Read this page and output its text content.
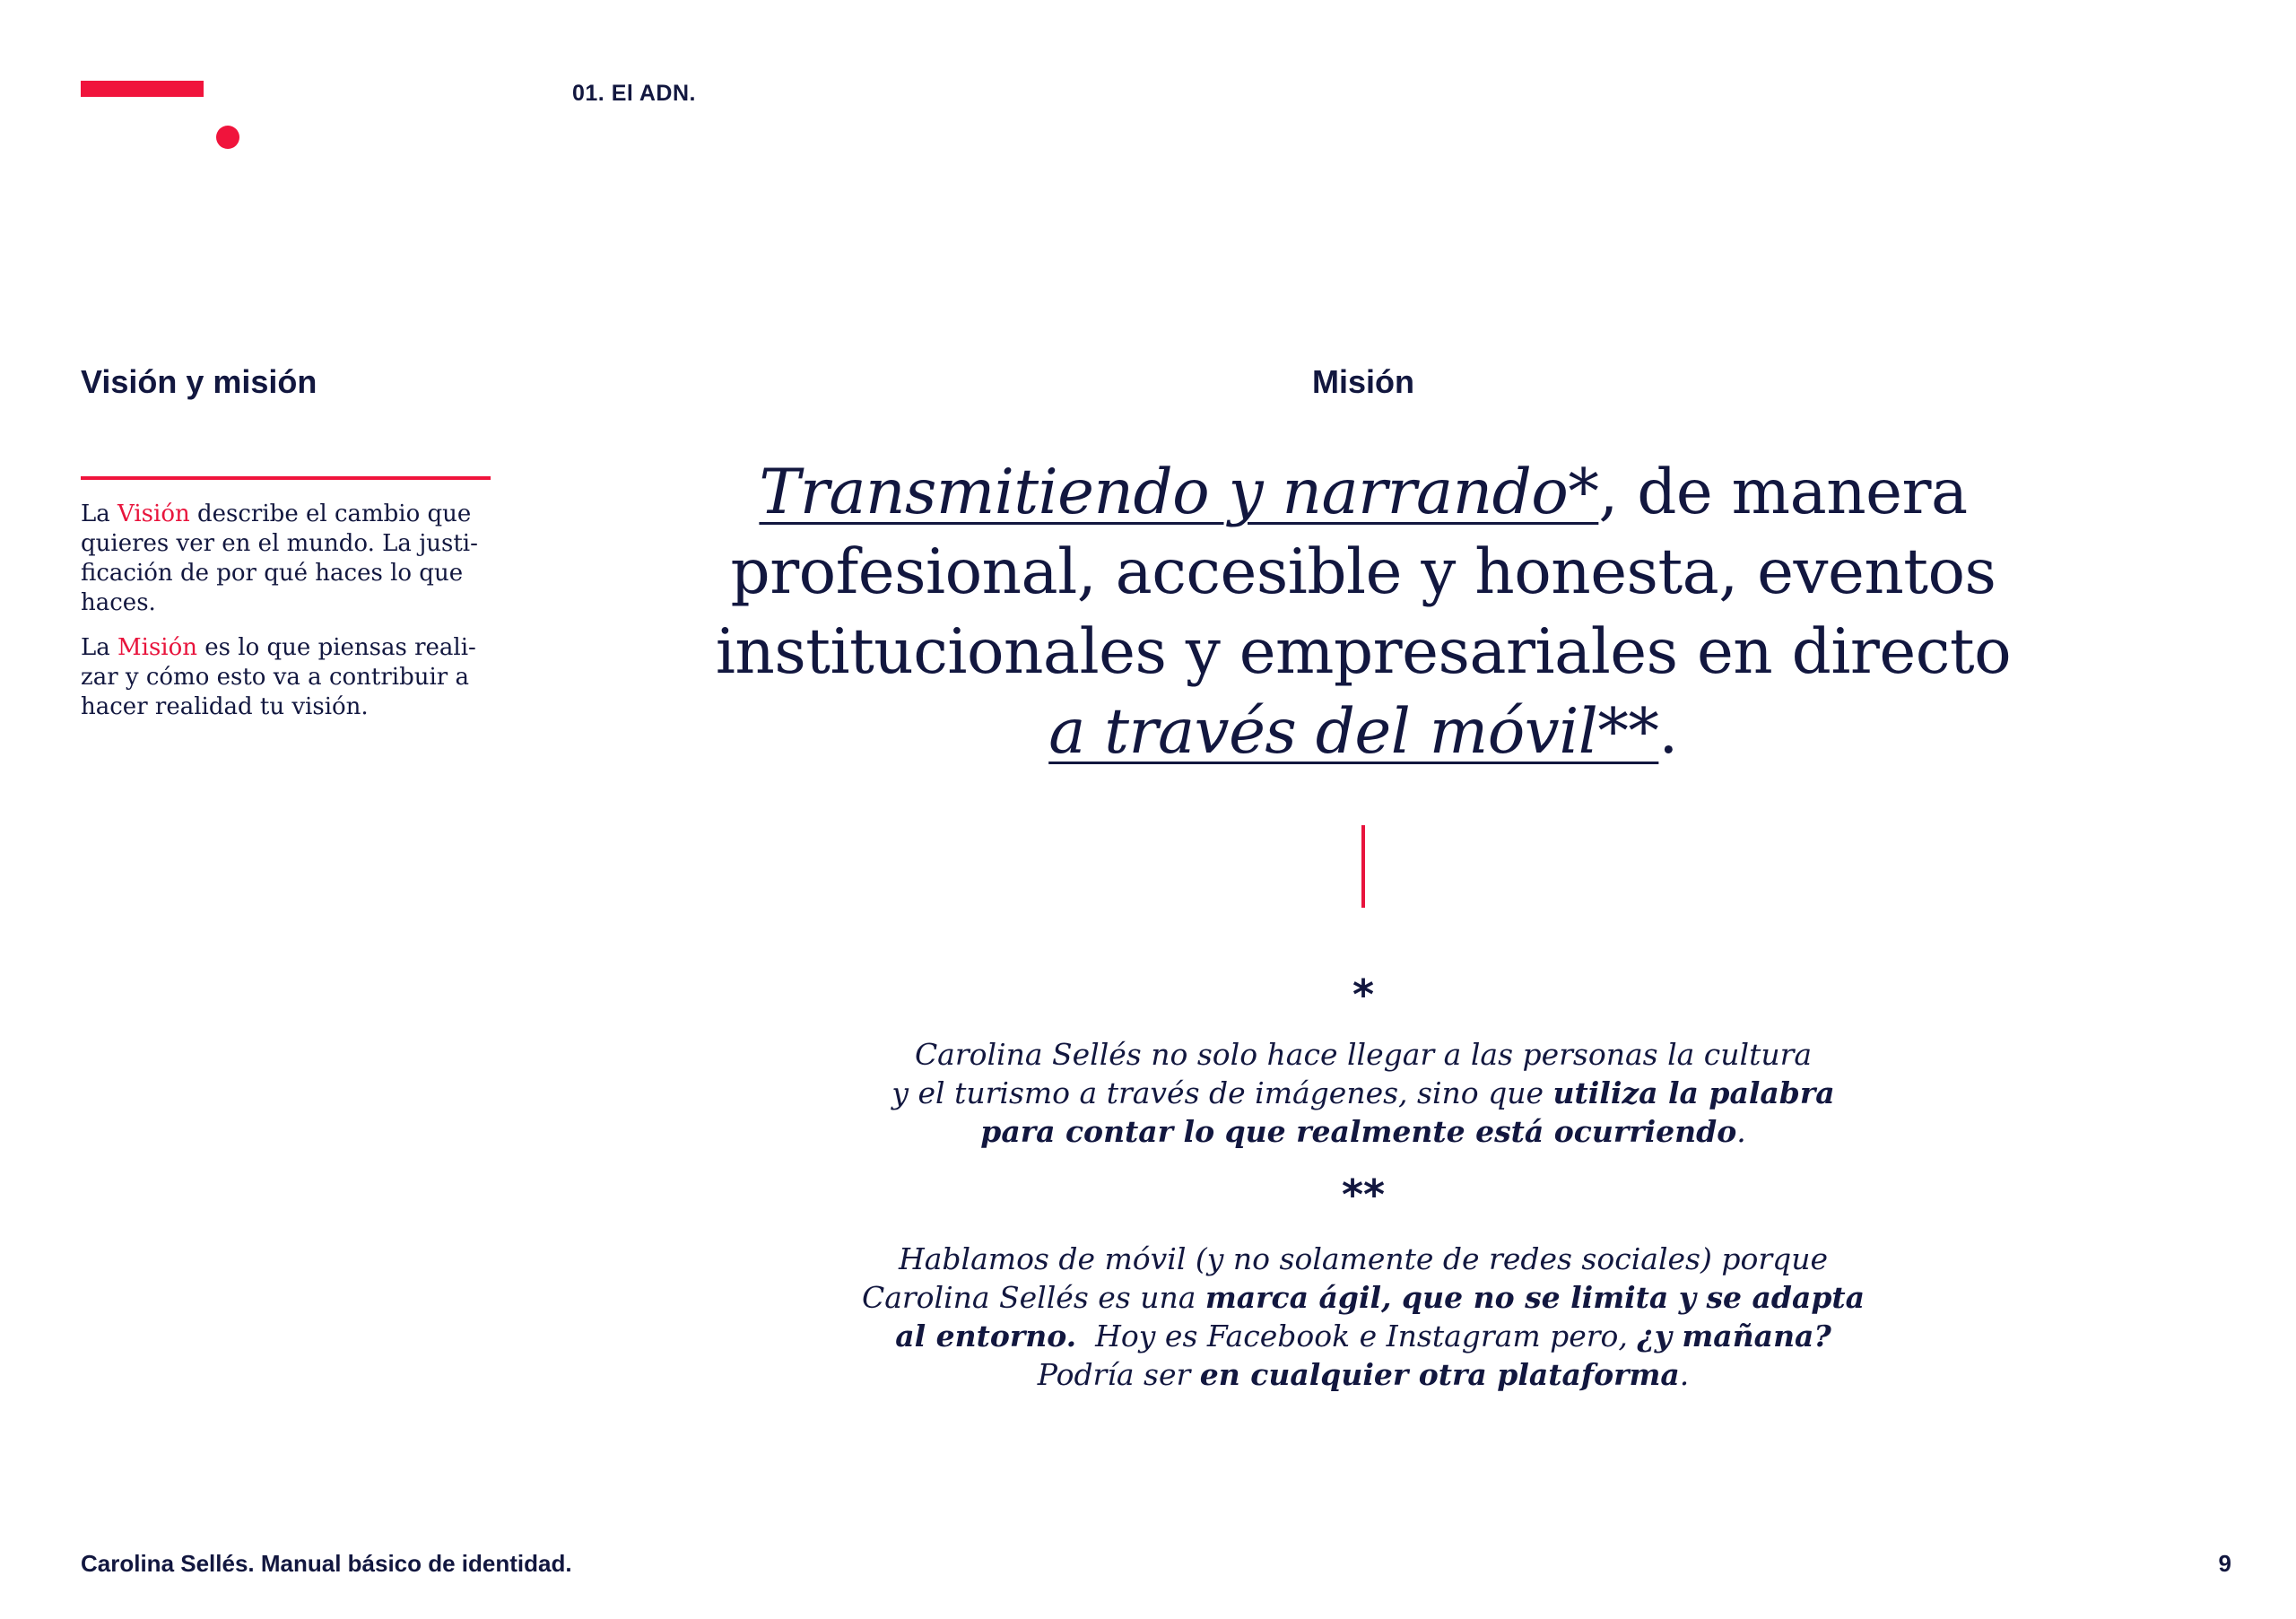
01. El ADN.
Visión y misión

La Visión describe el cambio que
quieres ver en el mundo. La justi-
ficación de por qué haces lo que
haces.

La Misión es lo que piensas reali-
zar y cómo esto va a contribuir a
hacer realidad tu visión.

Misión

Transmitiendo y narrando*, de manera
profesional, accesible y honesta, eventos
institucionales y empresariales en directo
a través del móvil**.

*

Carolina Sellés no solo hace llegar a las personas la cultura
y el turismo a través de imágenes, sino que utiliza la palabra
para contar lo que realmente está ocurriendo.

**

Hablamos de móvil (y no solamente de redes sociales) porque
Carolina Sellés es una marca ágil, que no se limita y se adapta
al entorno.  Hoy es Facebook e Instagram pero, ¿y mañana?
Podría ser en cualquier otra plataforma.

Carolina Sellés. Manual básico de identidad.	9
